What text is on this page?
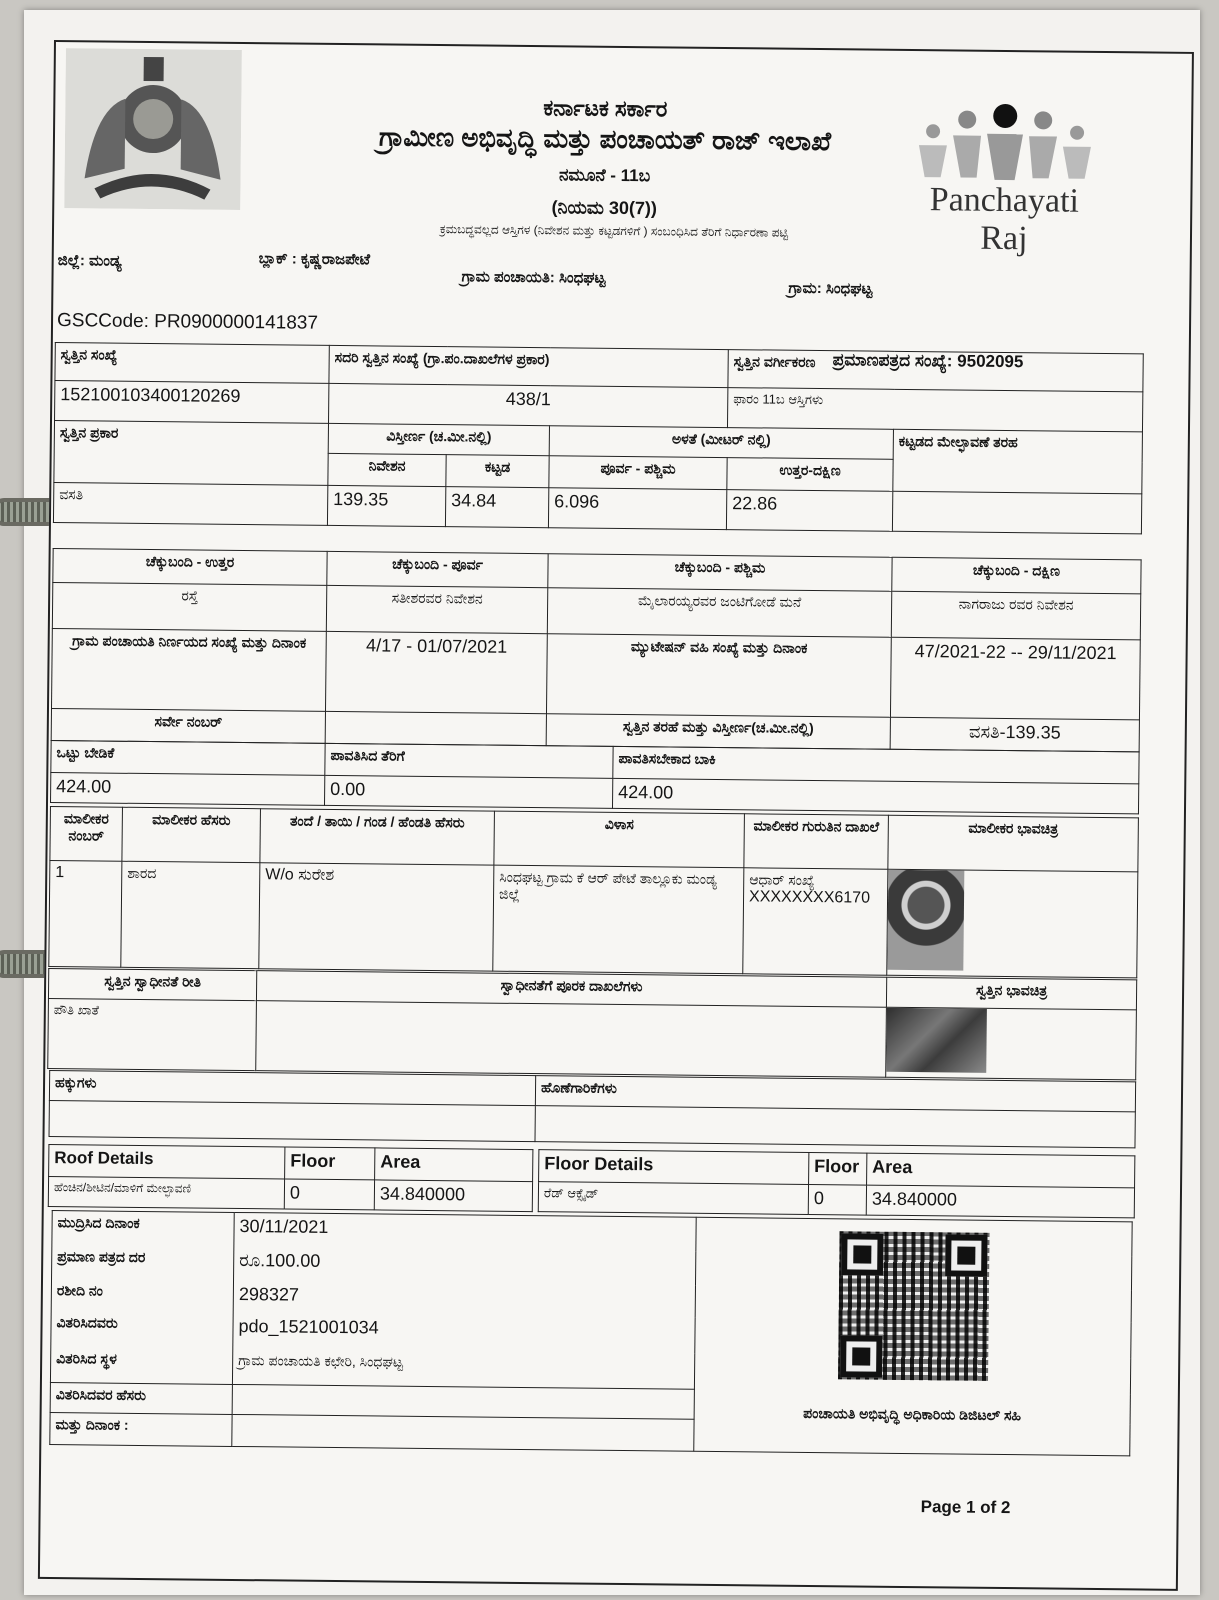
Panchayati Raj
ಕರ್ನಾಟಕ ಸರ್ಕಾರ
ಗ್ರಾಮೀಣ ಅಭಿವೃದ್ಧಿ ಮತ್ತು ಪಂಚಾಯತ್ ರಾಜ್ ಇಲಾಖೆ
ನಮೂನೆ - 11ಬ
(ನಿಯಮ 30(7))
ಕ್ರಮಬದ್ಧವಲ್ಲದ ಆಸ್ತಿಗಳ (ನಿವೇಶನ ಮತ್ತು ಕಟ್ಟಡಗಳಿಗೆ ) ಸಂಬಂಧಿಸಿದ ತೆರಿಗೆ ನಿರ್ಧಾರಣಾ ಪಟ್ಟಿ
ಜಿಲ್ಲೆ: ಮಂಡ್ಯ	ಬ್ಲಾಕ್ : ಕೃಷ್ಣರಾಜಪೇಟೆ
ಗ್ರಾಮ ಪಂಚಾಯತಿ: ಸಿಂಧಘಟ್ಟ
ಗ್ರಾಮ: ಸಿಂಧಘಟ್ಟ
GSCCode: PR0900000141837
ಪ್ರಮಾಣಪತ್ರದ ಸಂಖ್ಯೆ: 9502095
ಸ್ವತ್ತಿನ ಸಂಖ್ಯೆ	ಸದರಿ ಸ್ವತ್ತಿನ ಸಂಖ್ಯೆ (ಗ್ರಾ.ಪಂ.ದಾಖಲೆಗಳ ಪ್ರಕಾರ)			ಸ್ವತ್ತಿನ ವರ್ಗೀಕರಣ	
152100103400120269	438/1			ಫಾರಂ 11ಬ ಆಸ್ತಿಗಳು	
ಸ್ವತ್ತಿನ ಪ್ರಕಾರ	ವಿಸ್ತೀರ್ಣ (ಚ.ಮೀ.ನಲ್ಲಿ)		ಅಳತೆ (ಮೀಟರ್ ನಲ್ಲಿ)		ಕಟ್ಟಡದ ಮೇಲ್ಛಾವಣೆ ತರಹ
	ನಿವೇಶನ	ಕಟ್ಟಡ	ಪೂರ್ವ - ಪಶ್ಚಿಮ	ಉತ್ತರ-ದಕ್ಷಿಣ	
ವಸತಿ	139.35	34.84	6.096	22.86	
ಚೆಕ್ಕುಬಂದಿ - ಉತ್ತರ	ಚೆಕ್ಕುಬಂದಿ - ಪೂರ್ವ	ಚೆಕ್ಕುಬಂದಿ - ಪಶ್ಚಿಮ	ಚೆಕ್ಕುಬಂದಿ - ದಕ್ಷಿಣ
ರಸ್ತೆ	ಸತೀಶರವರ ನಿವೇಶನ	ಮೈಲಾರಯ್ಯರವರ ಜಂಟಿಗೋಡೆ ಮನೆ	ನಾಗರಾಜು ರವರ ನಿವೇಶನ
ಗ್ರಾಮ ಪಂಚಾಯತಿ ನಿರ್ಣಯದ ಸಂಖ್ಯೆ ಮತ್ತು ದಿನಾಂಕ	4/17 - 01/07/2021	ಮ್ಯುಟೇಷನ್ ವಹಿ ಸಂಖ್ಯೆ ಮತ್ತು ದಿನಾಂಕ	47/2021-22 -- 29/11/2021
ಸರ್ವೇ ನಂಬರ್		ಸ್ವತ್ತಿನ ತರಹೆ ಮತ್ತು ವಿಸ್ತೀರ್ಣ(ಚ.ಮೀ.ನಲ್ಲಿ)	ವಸತಿ-139.35
ಒಟ್ಟು ಬೇಡಿಕೆ	ಪಾವತಿಸಿದ ತೆರಿಗೆ	ಪಾವತಿಸಬೇಕಾದ ಬಾಕಿ
424.00	0.00	424.00
ಮಾಲೀಕರ ನಂಬರ್	ಮಾಲೀಕರ ಹೆಸರು	ತಂದೆ / ತಾಯಿ / ಗಂಡ / ಹೆಂಡತಿ ಹೆಸರು	ವಿಳಾಸ	ಮಾಲೀಕರ ಗುರುತಿನ ದಾಖಲೆ	ಮಾಲೀಕರ ಭಾವಚಿತ್ರ
1	ಶಾರದ	W/o ಸುರೇಶ	ಸಿಂಧಘಟ್ಟ ಗ್ರಾಮ ಕೆ ಆರ್ ಪೇಟೆ ತಾಲ್ಲೂಕು ಮಂಡ್ಯ ಜಿಲ್ಲೆ	ಆಧಾರ್ ಸಂಖ್ಯೆ
XXXXXXXX6170	

ಸ್ವತ್ತಿನ ಸ್ವಾಧೀನತೆ ರೀತಿ	ಸ್ವಾಧೀನತೆಗೆ ಪೂರಕ ದಾಖಲೆಗಳು	ಸ್ವತ್ತಿನ ಭಾವಚಿತ್ರ
ಪೌತಿ ಖಾತೆ		
ಹಕ್ಕುಗಳು	ಹೊಣೆಗಾರಿಕೆಗಳು

Roof Details	Floor	Area
ಹೆಂಚಿನ/ಶೀಟಿನ/ಮಾಳಿಗೆ ಮೇಲ್ಛಾವಣಿ	0	34.840000
Floor Details	Floor	Area
ರೆಡ್ ಆಕ್ಸೈಡ್	0	34.840000
ಮುದ್ರಿಸಿದ ದಿನಾಂಕ	30/11/2021	ಪಂಚಾಯತಿ ಅಭಿವೃದ್ಧಿ ಅಧಿಕಾರಿಯ ಡಿಜಿಟಲ್ ಸಹಿ

ಪ್ರಮಾಣ ಪತ್ರದ ದರ	ರೂ.100.00	
ರಶೀದಿ ನಂ	298327	
ವಿತರಿಸಿದವರು	pdo_1521001034	
ವಿತರಿಸಿದ ಸ್ಥಳ	ಗ್ರಾಮ ಪಂಚಾಯತಿ ಕಛೇರಿ, ಸಿಂಧಘಟ್ಟ	
ವಿತರಿಸಿದವರ ಹೆಸರು		
ಮತ್ತು ದಿನಾಂಕ :		
Page 1 of 2
